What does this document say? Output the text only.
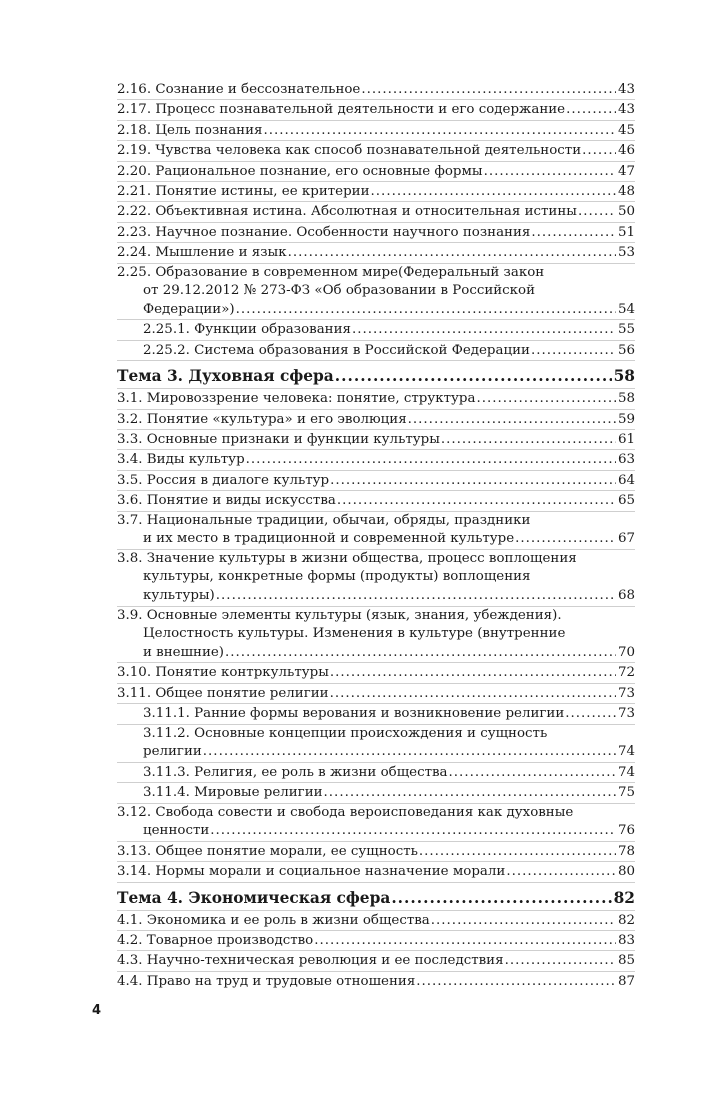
2.16. Сознание и бессознательное .....	43
2.17. Процесс познавательной деятельности и его содержание .....	43
2.18. Цель познания .....	45
2.19. Чувства человека как способ познавательной деятельности .....	46
2.20. Рациональное познание, его основные формы .....	47
2.21. Понятие истины, ее критерии .....	48
2.22. Объективная истина. Абсолютная и относительная истины .....	50
2.23. Научное познание. Особенности научного познания .....	51
2.24. Мышление и язык .....	53
2.25. Образование в современном мире(Федеральный закон
от 29.12.2012 № 273-ФЗ «Об образовании в Российской
Федерации») .....	54
2.25.1. Функции образования .....	55
2.25.2. Система образования в Российской Федерации .....	56
Тема 3. Духовная сфера .....	58
3.1. Мировоззрение человека: понятие, структура .....	58
3.2. Понятие «культура» и его эволюция .....	59
3.3. Основные признаки и функции культуры .....	61
3.4. Виды культур .....	63
3.5. Россия в диалоге культур .....	64
3.6. Понятие и виды искусства .....	65
3.7. Национальные традиции, обычаи, обряды, праздники
и их место в традиционной и современной культуре .....	67
3.8. Значение культуры в жизни общества, процесс воплощения
культуры, конкретные формы (продукты) воплощения
культуры) .....	68
3.9. Основные элементы культуры (язык, знания, убеждения).
Целостность культуры. Изменения в культуре (внутренние
и внешние) .....	70
3.10. Понятие контркультуры .....	72
3.11. Общее понятие религии .....	73
3.11.1. Ранние формы верования и возникновение религии .....	73
3.11.2. Основные концепции происхождения и сущность
религии .....	74
3.11.3. Религия, ее роль в жизни общества .....	74
3.11.4. Мировые религии .....	75
3.12. Свобода совести и свобода вероисповедания как духовные
ценности .....	76
3.13. Общее понятие морали, ее сущность .....	78
3.14. Нормы морали и социальное назначение морали .....	80
Тема 4. Экономическая сфера .....	82
4.1. Экономика и ее роль в жизни общества .....	82
4.2. Товарное производство .....	83
4.3. Научно-техническая революция и ее последствия .....	85
4.4. Право на труд и трудовые отношения .....	87
4
